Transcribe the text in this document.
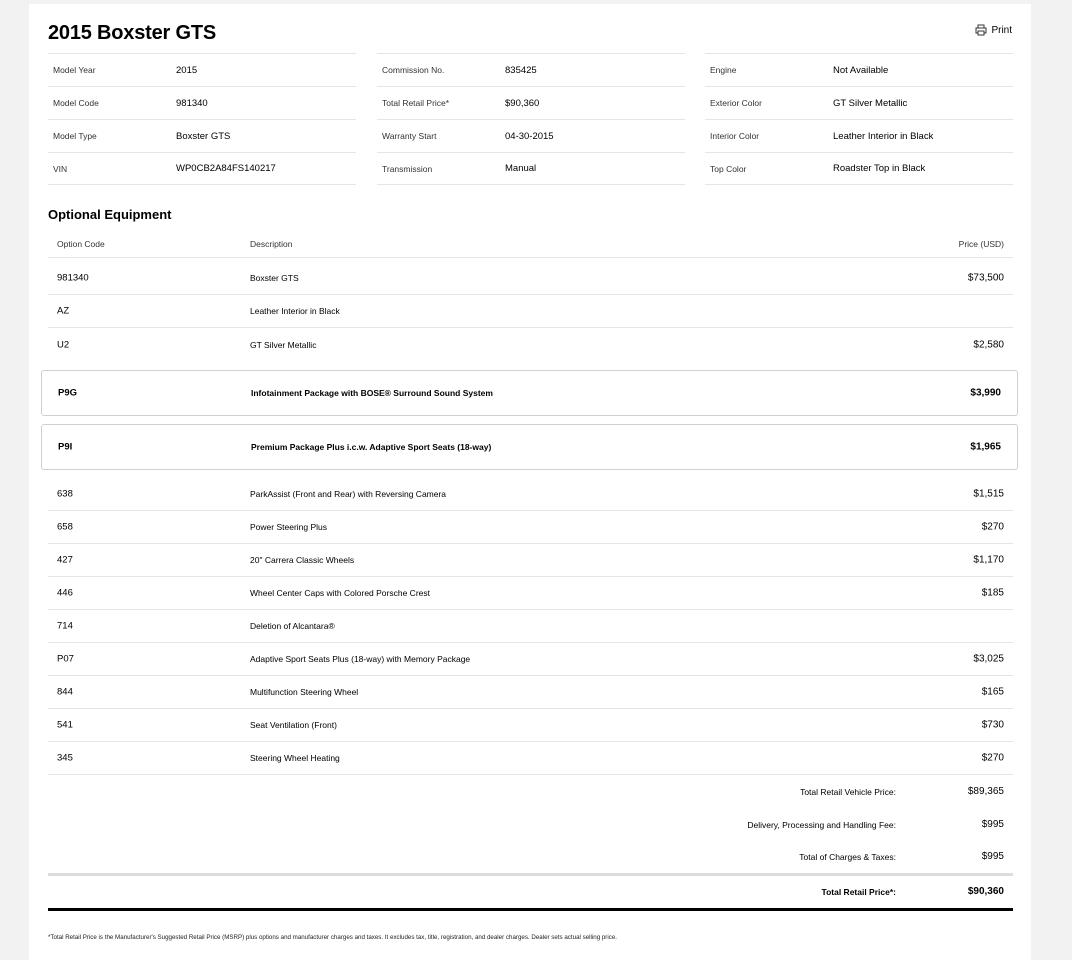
2015 Boxster GTS	Print
Model Year	2015
Model Code	981340
Model Type	Boxster GTS
VIN	WP0CB2A84FS140217
Commission No.	835425
Total Retail Price*	$90,360
Warranty Start	04-30-2015
Transmission	Manual
Engine	Not Available
Exterior Color	GT Silver Metallic
Interior Color	Leather Interior in Black
Top Color	Roadster Top in Black
Optional Equipment
Option Code	Description	Price (USD)
981340	Boxster GTS	$73,500
AZ	Leather Interior in Black
U2	GT Silver Metallic	$2,580
P9G	Infotainment Package with BOSE® Surround Sound System	$3,990
P9I	Premium Package Plus i.c.w. Adaptive Sport Seats (18-way)	$1,965
638	ParkAssist (Front and Rear) with Reversing Camera	$1,515
658	Power Steering Plus	$270
427	20" Carrera Classic Wheels	$1,170
446	Wheel Center Caps with Colored Porsche Crest	$185
714	Deletion of Alcantara®
P07	Adaptive Sport Seats Plus (18-way) with Memory Package	$3,025
844	Multifunction Steering Wheel	$165
541	Seat Ventilation (Front)	$730
345	Steering Wheel Heating	$270
Total Retail Vehicle Price:	$89,365
Delivery, Processing and Handling Fee:	$995
Total of Charges & Taxes:	$995
Total Retail Price*:	$90,360
*Total Retail Price is the Manufacturer's Suggested Retail Price (MSRP) plus options and manufacturer charges and taxes. It excludes tax, title, registration, and dealer charges. Dealer sets actual selling price.
